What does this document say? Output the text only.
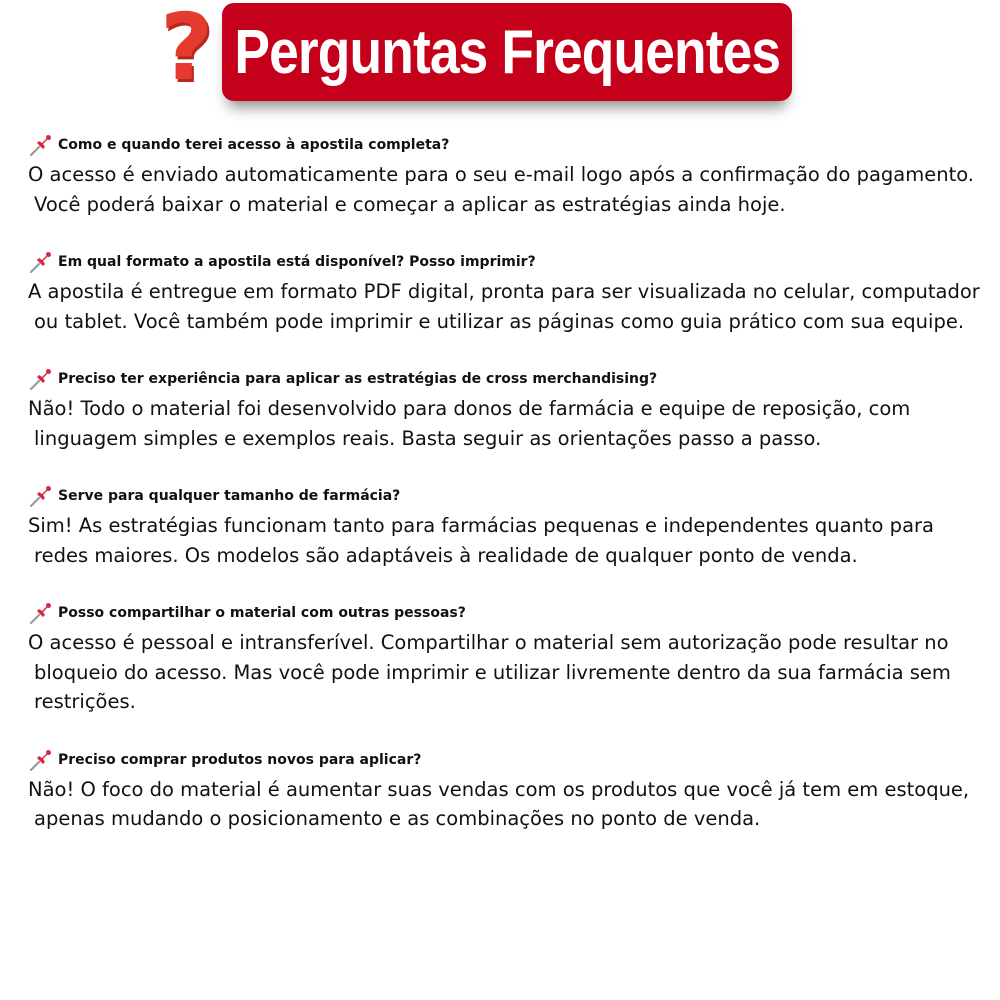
? Perguntas Frequentes
Como e quando terei acesso à apostila completa?

O acesso é enviado automaticamente para o seu e-mail logo após a confirmação do pagamento. Você poderá baixar o material e começar a aplicar as estratégias ainda hoje.

Em qual formato a apostila está disponível? Posso imprimir?

A apostila é entregue em formato PDF digital, pronta para ser visualizada no celular, computador ou tablet. Você também pode imprimir e utilizar as páginas como guia prático com sua equipe.

Preciso ter experiência para aplicar as estratégias de cross merchandising?

Não! Todo o material foi desenvolvido para donos de farmácia e equipe de reposição, com linguagem simples e exemplos reais. Basta seguir as orientações passo a passo.

Serve para qualquer tamanho de farmácia?

Sim! As estratégias funcionam tanto para farmácias pequenas e independentes quanto para redes maiores. Os modelos são adaptáveis à realidade de qualquer ponto de venda.

Posso compartilhar o material com outras pessoas?

O acesso é pessoal e intransferível. Compartilhar o material sem autorização pode resultar no bloqueio do acesso. Mas você pode imprimir e utilizar livremente dentro da sua farmácia sem restrições.

Preciso comprar produtos novos para aplicar?

Não! O foco do material é aumentar suas vendas com os produtos que você já tem em estoque, apenas mudando o posicionamento e as combinações no ponto de venda.
